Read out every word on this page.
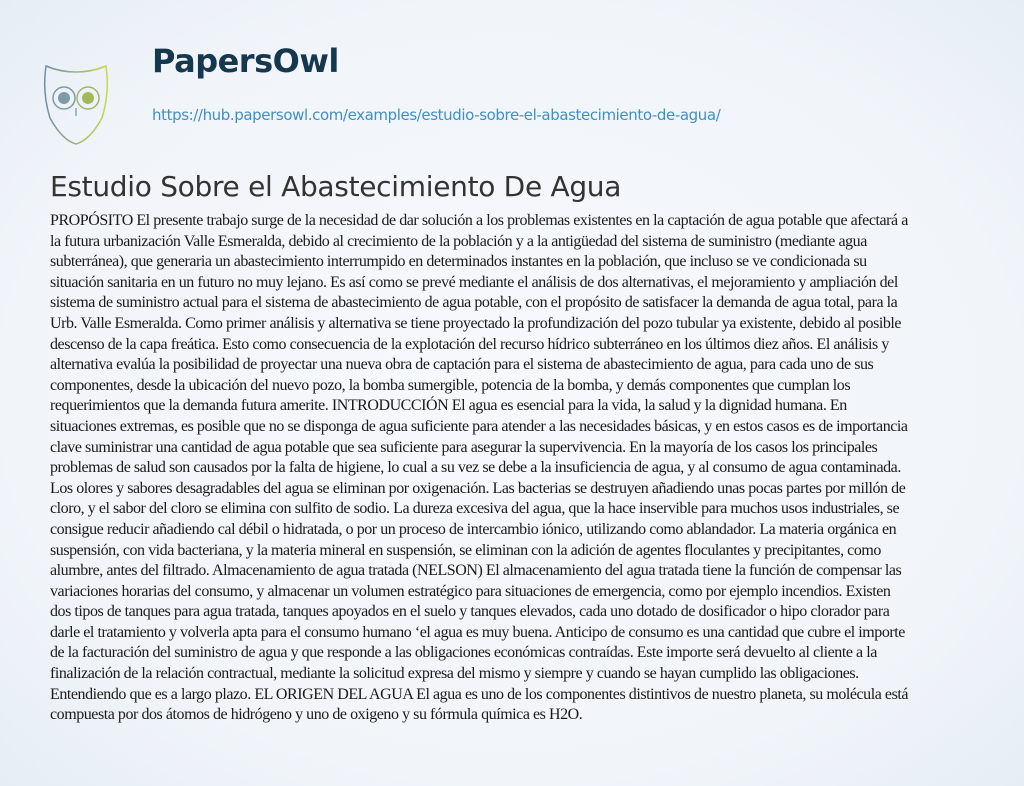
PapersOwl
https://hub.papersowl.com/examples/estudio-sobre-el-abastecimiento-de-agua/
Estudio Sobre el Abastecimiento De Agua
PROPÓSITO El presente trabajo surge de la necesidad de dar solución a los problemas existentes en la captación de agua potable que afectará a
la futura urbanización Valle Esmeralda, debido al crecimiento de la población y a la antigüedad del sistema de suministro (mediante agua
subterránea), que generaria un abastecimiento interrumpido en determinados instantes en la población, que incluso se ve condicionada su
situación sanitaria en un futuro no muy lejano. Es así como se prevé mediante el análisis de dos alternativas, el mejoramiento y ampliación del
sistema de suministro actual para el sistema de abastecimiento de agua potable, con el propósito de satisfacer la demanda de agua total, para la
Urb. Valle Esmeralda. Como primer análisis y alternativa se tiene proyectado la profundización del pozo tubular ya existente, debido al posible
descenso de la capa freática. Esto como consecuencia de la explotación del recurso hídrico subterráneo en los últimos diez años. El análisis y
alternativa evalúa la posibilidad de proyectar una nueva obra de captación para el sistema de abastecimiento de agua, para cada uno de sus
componentes, desde la ubicación del nuevo pozo, la bomba sumergible, potencia de la bomba, y demás componentes que cumplan los
requerimientos que la demanda futura amerite. INTRODUCCIÓN El agua es esencial para la vida, la salud y la dignidad humana. En
situaciones extremas, es posible que no se disponga de agua suficiente para atender a las necesidades básicas, y en estos casos es de importancia
clave suministrar una cantidad de agua potable que sea suficiente para asegurar la supervivencia. En la mayoría de los casos los principales
problemas de salud son causados por la falta de higiene, lo cual a su vez se debe a la insuficiencia de agua, y al consumo de agua contaminada.
Los olores y sabores desagradables del agua se eliminan por oxigenación. Las bacterias se destruyen añadiendo unas pocas partes por millón de
cloro, y el sabor del cloro se elimina con sulfito de sodio. La dureza excesiva del agua, que la hace inservible para muchos usos industriales, se
consigue reducir añadiendo cal débil o hidratada, o por un proceso de intercambio iónico, utilizando como ablandador. La materia orgánica en
suspensión, con vida bacteriana, y la materia mineral en suspensión, se eliminan con la adición de agentes floculantes y precipitantes, como
alumbre, antes del filtrado. Almacenamiento de agua tratada (NELSON) El almacenamiento del agua tratada tiene la función de compensar las
variaciones horarias del consumo, y almacenar un volumen estratégico para situaciones de emergencia, como por ejemplo incendios. Existen
dos tipos de tanques para agua tratada, tanques apoyados en el suelo y tanques elevados, cada uno dotado de dosificador o hipo clorador para
darle el tratamiento y volverla apta para el consumo humano ‘el agua es muy buena. Anticipo de consumo es una cantidad que cubre el importe
de la facturación del suministro de agua y que responde a las obligaciones económicas contraídas. Este importe será devuelto al cliente a la
finalización de la relación contractual, mediante la solicitud expresa del mismo y siempre y cuando se hayan cumplido las obligaciones.
Entendiendo que es a largo plazo. EL ORIGEN DEL AGUA El agua es uno de los componentes distintivos de nuestro planeta, su molécula está
compuesta por dos átomos de hidrógeno y uno de oxigeno y su fórmula química es H2O.
